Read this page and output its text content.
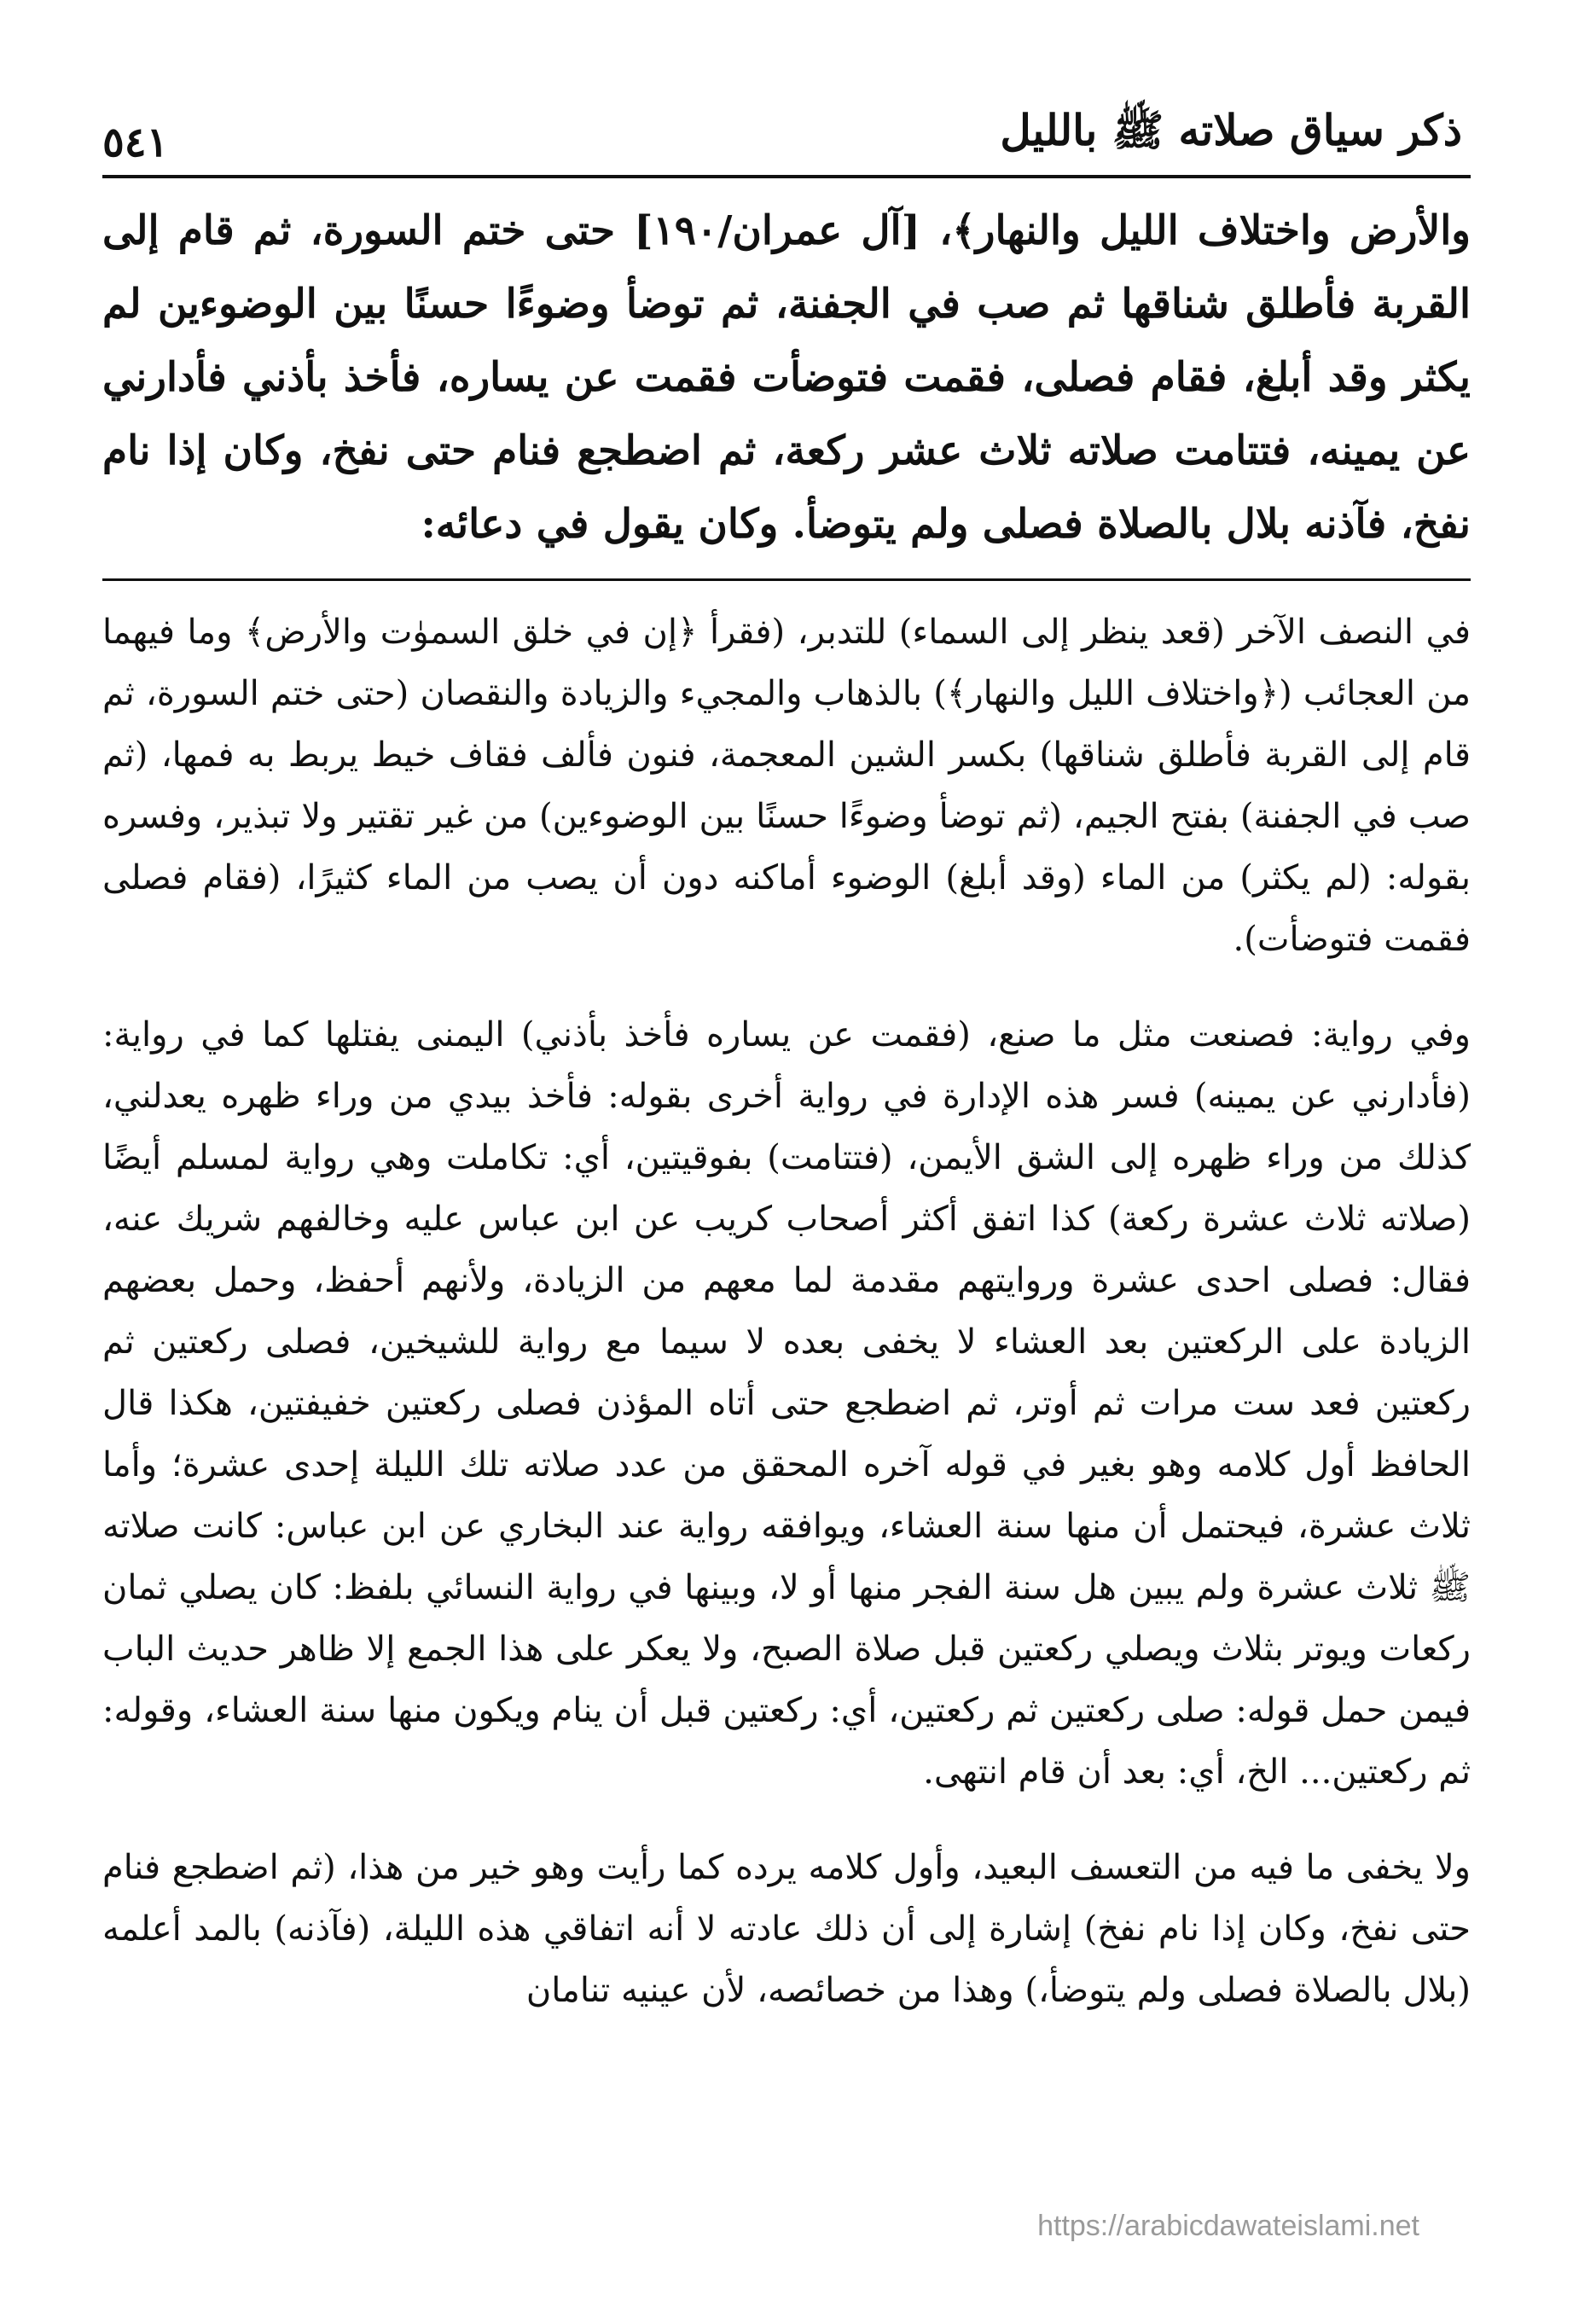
٥٤١	ذكر سياق صلاته ﷺ بالليل
والأرض واختلاف الليل والنهار﴾، [آل عمران/١٩٠] حتى ختم السورة، ثم قام إلى القربة فأطلق شناقها ثم صب في الجفنة، ثم توضأ وضوءًا حسنًا بين الوضوءين لم يكثر وقد أبلغ، فقام فصلى، فقمت فتوضأت فقمت عن يساره، فأخذ بأذني فأدارني عن يمينه، فتتامت صلاته ثلاث عشر ركعة، ثم اضطجع فنام حتى نفخ، وكان إذا نام نفخ، فآذنه بلال بالصلاة فصلى ولم يتوضأ. وكان يقول في دعائه:

في النصف الآخر (قعد ينظر إلى السماء) للتدبر، (فقرأ ﴿إن في خلق السموٰت والأرض﴾ وما فيهما من العجائب (﴿واختلاف الليل والنهار﴾) بالذهاب والمجيء والزيادة والنقصان (حتى ختم السورة، ثم قام إلى القربة فأطلق شناقها) بكسر الشين المعجمة، فنون فألف فقاف خيط يربط به فمها، (ثم صب في الجفنة) بفتح الجيم، (ثم توضأ وضوءًا حسنًا بين الوضوءين) من غير تقتير ولا تبذير، وفسره بقوله: (لم يكثر) من الماء (وقد أبلغ) الوضوء أماكنه دون أن يصب من الماء كثيرًا، (فقام فصلى فقمت فتوضأت).

وفي رواية: فصنعت مثل ما صنع، (فقمت عن يساره فأخذ بأذني) اليمنى يفتلها كما في رواية: (فأدارني عن يمينه) فسر هذه الإدارة في رواية أخرى بقوله: فأخذ بيدي من وراء ظهره يعدلني، كذلك من وراء ظهره إلى الشق الأيمن، (فتتامت) بفوقيتين، أي: تكاملت وهي رواية لمسلم أيضًا (صلاته ثلاث عشرة ركعة) كذا اتفق أكثر أصحاب كريب عن ابن عباس عليه وخالفهم شريك عنه، فقال: فصلى احدى عشرة وروايتهم مقدمة لما معهم من الزيادة، ولأنهم أحفظ، وحمل بعضهم الزيادة على الركعتين بعد العشاء لا يخفى بعده لا سيما مع رواية للشيخين، فصلى ركعتين ثم ركعتين فعد ست مرات ثم أوتر، ثم اضطجع حتى أتاه المؤذن فصلى ركعتين خفيفتين، هكذا قال الحافظ أول كلامه وهو بغير في قوله آخره المحقق من عدد صلاته تلك الليلة إحدى عشرة؛ وأما ثلاث عشرة، فيحتمل أن منها سنة العشاء، ويوافقه رواية عند البخاري عن ابن عباس: كانت صلاته ﷺ ثلاث عشرة ولم يبين هل سنة الفجر منها أو لا، وبينها في رواية النسائي بلفظ: كان يصلي ثمان ركعات ويوتر بثلاث ويصلي ركعتين قبل صلاة الصبح، ولا يعكر على هذا الجمع إلا ظاهر حديث الباب فيمن حمل قوله: صلى ركعتين ثم ركعتين، أي: ركعتين قبل أن ينام ويكون منها سنة العشاء، وقوله: ثم ركعتين... الخ، أي: بعد أن قام انتهى.

ولا يخفى ما فيه من التعسف البعيد، وأول كلامه يرده كما رأيت وهو خير من هذا، (ثم اضطجع فنام حتى نفخ، وكان إذا نام نفخ) إشارة إلى أن ذلك عادته لا أنه اتفاقي هذه الليلة، (فآذنه) بالمد أعلمه (بلال بالصلاة فصلى ولم يتوضأ،) وهذا من خصائصه، لأن عينيه تنامان

https://arabicdawateislami.net
